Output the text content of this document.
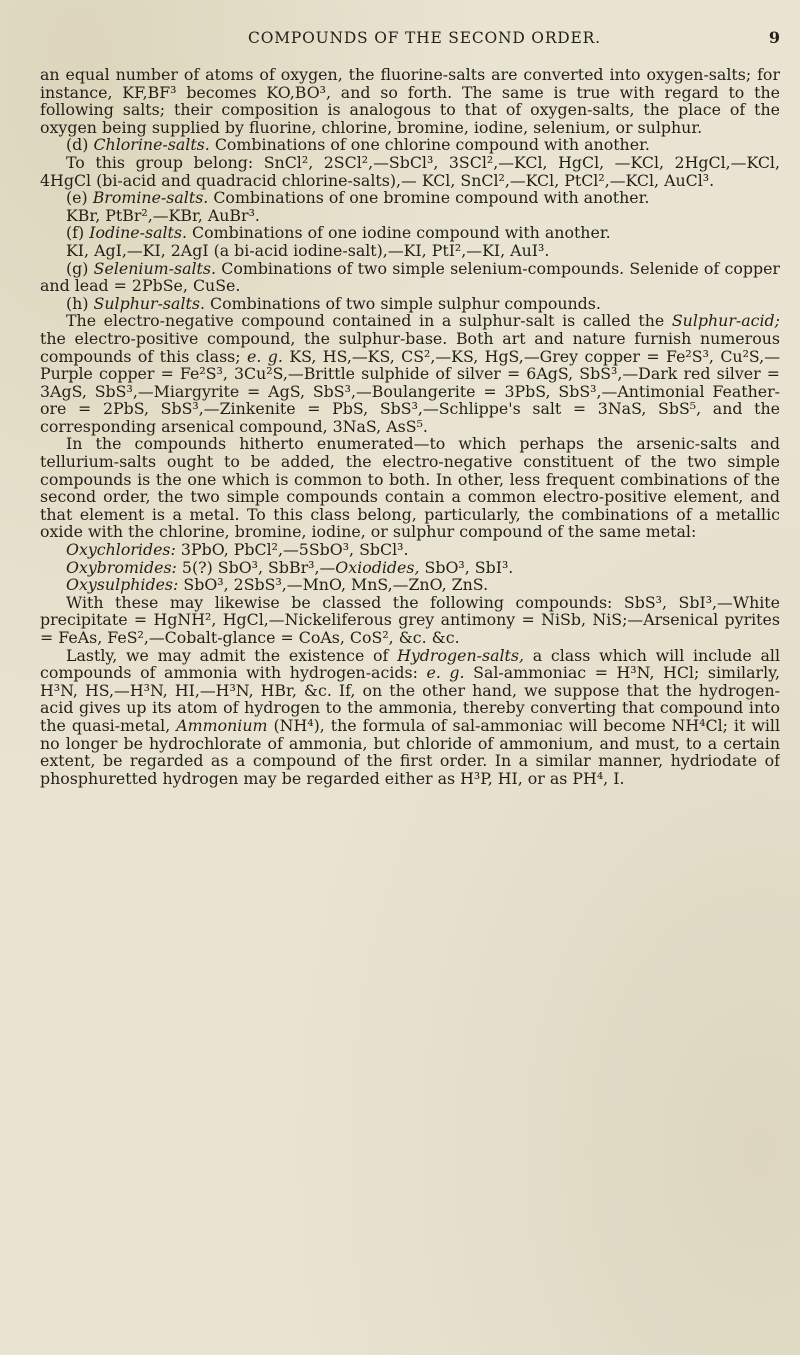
COMPOUNDS OF THE SECOND ORDER.	9

an equal number of atoms of oxygen, the fluorine-salts are converted into oxygen-salts; for instance, KF,BF³ becomes KO,BO³, and so forth. The same is true with regard to the following salts; their composition is analogous to that of oxygen-salts, the place of the oxygen being supplied by fluorine, chlorine, bromine, iodine, selenium, or sulphur.

(d) Chlorine-salts. Combinations of one chlorine compound with another.

To this group belong: SnCl², 2SCl²,—SbCl³, 3SCl²,—KCl, HgCl, —KCl, 2HgCl,—KCl, 4HgCl (bi-acid and quadracid chlorine-salts),— KCl, SnCl²,—KCl, PtCl²,—KCl, AuCl³.

(e) Bromine-salts. Combinations of one bromine compound with another.

KBr, PtBr²,—KBr, AuBr³.

(f) Iodine-salts. Combinations of one iodine compound with another.

KI, AgI,—KI, 2AgI (a bi-acid iodine-salt),—KI, PtI²,—KI, AuI³.

(g) Selenium-salts. Combinations of two simple selenium-compounds. Selenide of copper and lead = 2PbSe, CuSe.

(h) Sulphur-salts. Combinations of two simple sulphur compounds.

The electro-negative compound contained in a sulphur-salt is called the Sulphur-acid; the electro-positive compound, the sulphur-base. Both art and nature furnish numerous compounds of this class; e. g. KS, HS,—KS, CS²,—KS, HgS,—Grey copper = Fe²S³, Cu²S,—Purple copper = Fe²S³, 3Cu²S,—Brittle sulphide of silver = 6AgS, SbS³,—Dark red silver = 3AgS, SbS³,—Miargyrite = AgS, SbS³,—Boulangerite = 3PbS, SbS³,—Antimonial Feather-ore = 2PbS, SbS³,—Zinkenite = PbS, SbS³,—Schlippe's salt = 3NaS, SbS⁵, and the corresponding arsenical compound, 3NaS, AsS⁵.

In the compounds hitherto enumerated—to which perhaps the arsenic-salts and tellurium-salts ought to be added, the electro-negative constituent of the two simple compounds is the one which is common to both. In other, less frequent combinations of the second order, the two simple compounds contain a common electro-positive element, and that element is a metal. To this class belong, particularly, the combinations of a metallic oxide with the chlorine, bromine, iodine, or sulphur compound of the same metal:

Oxychlorides: 3PbO, PbCl²,—5SbO³, SbCl³.

Oxybromides: 5(?) SbO³, SbBr³,—Oxiodides, SbO³, SbI³.

Oxysulphides: SbO³, 2SbS³,—MnO, MnS,—ZnO, ZnS.

With these may likewise be classed the following compounds: SbS³, SbI³,—White precipitate = HgNH², HgCl,—Nickeliferous grey antimony = NiSb, NiS;—Arsenical pyrites = FeAs, FeS²,—Cobalt-glance = CoAs, CoS², &c. &c.

Lastly, we may admit the existence of Hydrogen-salts, a class which will include all compounds of ammonia with hydrogen-acids: e. g. Sal-ammoniac = H³N, HCl; similarly, H³N, HS,—H³N, HI,—H³N, HBr, &c. If, on the other hand, we suppose that the hydrogen-acid gives up its atom of hydrogen to the ammonia, thereby converting that compound into the quasi-metal, Ammonium (NH⁴), the formula of sal-ammoniac will become NH⁴Cl; it will no longer be hydrochlorate of ammonia, but chloride of ammonium, and must, to a certain extent, be regarded as a compound of the first order. In a similar manner, hydriodate of phosphuretted hydrogen may be regarded either as H³P, HI, or as PH⁴, I.
